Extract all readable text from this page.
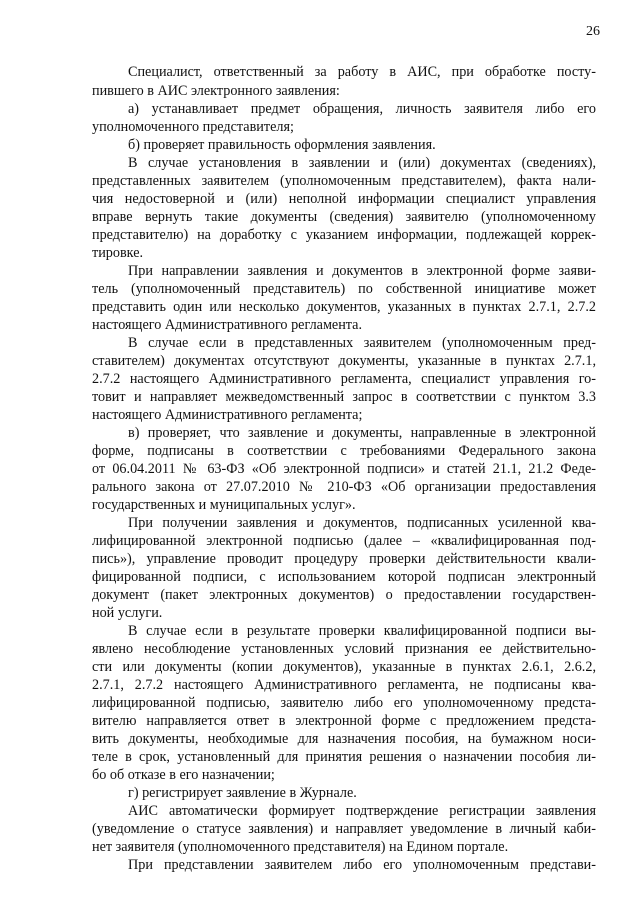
26
Специалист, ответственный за работу в АИС, при обработке посту-
пившего в АИС электронного заявления:
а) устанавливает предмет обращения, личность заявителя либо его
уполномоченного представителя;
б) проверяет правильность оформления заявления.
В случае установления в заявлении и (или) документах (сведениях),
представленных заявителем (уполномоченным представителем), факта нали-
чия недостоверной и (или) неполной информации специалист управления
вправе вернуть такие документы (сведения) заявителю (уполномоченному
представителю) на доработку с указанием информации, подлежащей коррек-
тировке.
При направлении заявления и документов в электронной форме заяви-
тель (уполномоченный представитель) по собственной инициативе может
представить один или несколько документов, указанных в пунктах 2.7.1, 2.7.2
настоящего Административного регламента.
В случае если в представленных заявителем (уполномоченным пред-
ставителем) документах отсутствуют документы, указанные в пунктах 2.7.1,
2.7.2 настоящего Административного регламента, специалист управления го-
товит и направляет межведомственный запрос в соответствии с пунктом 3.3
настоящего Административного регламента;
в) проверяет, что заявление и документы, направленные в электронной
форме, подписаны в соответствии с требованиями Федерального закона
от 06.04.2011 № 63-ФЗ «Об электронной подписи» и статей 21.1, 21.2 Феде-
рального закона от 27.07.2010 № 210-ФЗ «Об организации предоставления
государственных и муниципальных услуг».
При получении заявления и документов, подписанных усиленной ква-
лифицированной электронной подписью (далее – «квалифицированная под-
пись»), управление проводит процедуру проверки действительности квали-
фицированной подписи, с использованием которой подписан электронный
документ (пакет электронных документов) о предоставлении государствен-
ной услуги.
В случае если в результате проверки квалифицированной подписи вы-
явлено несоблюдение установленных условий признания ее действительно-
сти или документы (копии документов), указанные в пунктах 2.6.1, 2.6.2,
2.7.1, 2.7.2 настоящего Административного регламента, не подписаны ква-
лифицированной подписью, заявителю либо его уполномоченному предста-
вителю направляется ответ в электронной форме с предложением предста-
вить документы, необходимые для назначения пособия, на бумажном носи-
теле в срок, установленный для принятия решения о назначении пособия ли-
бо об отказе в его назначении;
г) регистрирует заявление в Журнале.
АИС автоматически формирует подтверждение регистрации заявления
(уведомление о статусе заявления) и направляет уведомление в личный каби-
нет заявителя (уполномоченного представителя) на Едином портале.
При представлении заявителем либо его уполномоченным представи-
